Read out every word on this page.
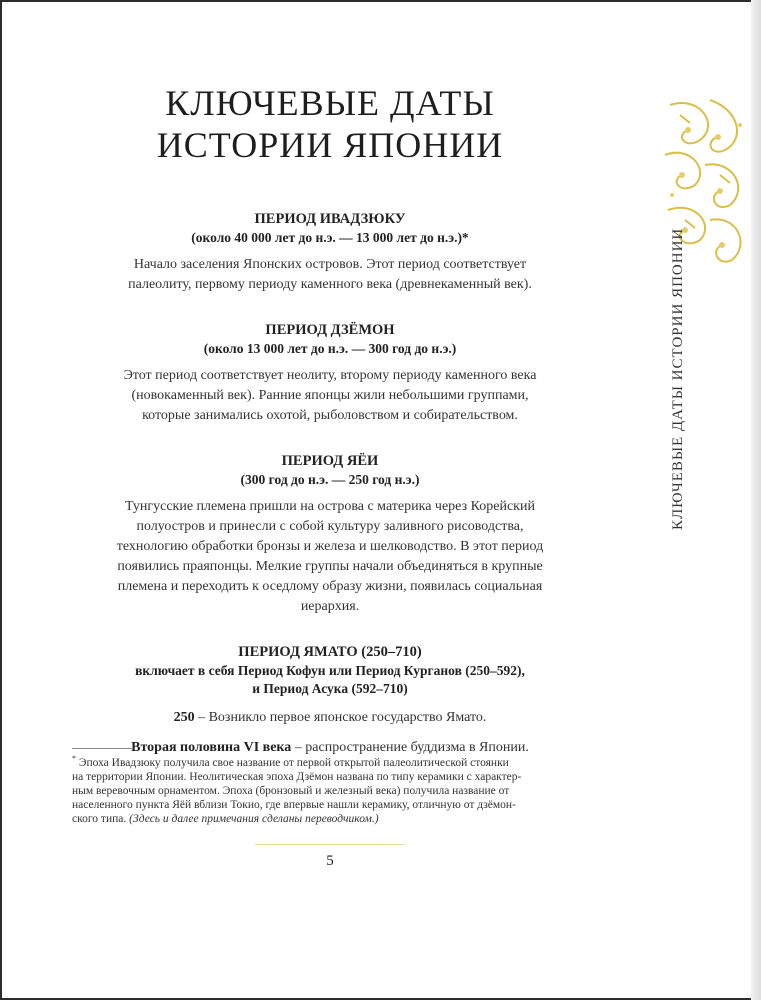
КЛЮЧЕВЫЕ ДАТЫ ИСТОРИИ ЯПОНИИ
КЛЮЧЕВЫЕ ДАТЫ
ИСТОРИИ ЯПОНИИ
ПЕРИОД ИВАДЗЮКУ
(около 40 000 лет до н.э. — 13 000 лет до н.э.)*
Начало заселения Японских островов. Этот период соответствует
палеолиту, первому периоду каменного века (древнекаменный век).
ПЕРИОД ДЗЁМОН
(около 13 000 лет до н.э. — 300 год до н.э.)
Этот период соответствует неолиту, второму периоду каменного века
(новокаменный век). Ранние японцы жили небольшими группами,
которые занимались охотой, рыболовством и собирательством.
ПЕРИОД ЯЁИ
(300 год до н.э. — 250 год н.э.)
Тунгусские племена пришли на острова с материка через Корейский
полуостров и принесли с собой культуру заливного рисоводства,
технологию обработки бронзы и железа и шелководство. В этот период
появились праяпонцы. Мелкие группы начали объединяться в крупные
племена и переходить к оседлому образу жизни, появилась социальная
иерархия.
ПЕРИОД ЯМАТО (250–710)
включает в себя Период Кофун или Период Курганов (250–592),
и Период Асука (592–710)
250 – Возникло первое японское государство Ямато.
Вторая половина VI века – распространение буддизма в Японии.
* Эпоха Ивадзюку получила свое название от первой открытой палеолитической стоянки
на территории Японии. Неолитическая эпоха Дзёмон названа по типу керамики с характер-
ным веревочным орнаментом. Эпоха (бронзовый и железный века) получила название от
населенного пункта Яёй вблизи Токио, где впервые нашли керамику, отличную от дзёмон-
ского типа. (Здесь и далее примечания сделаны переводчиком.)
5
